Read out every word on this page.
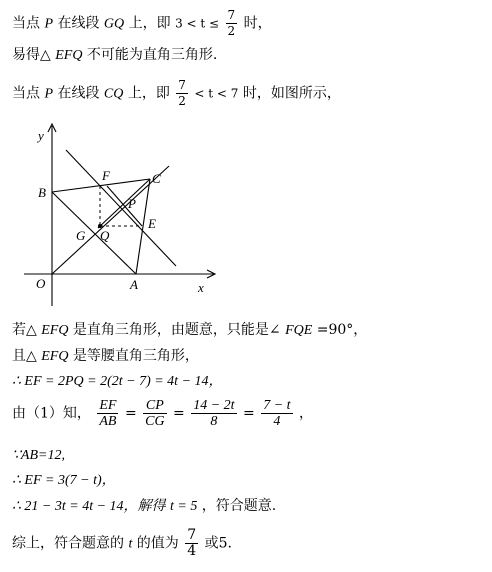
当点 P 在线段 GQ 上，即 $3 < t \le \frac{7}{2}$ 时，
易得△ EFQ 不可能为直角三角形.
当点 P 在线段 CQ 上，即 $\frac{7}{2} < t < 7$ 时，如图所示，
y
x
O	A
B
C
F
P
E
G Q
若△ EFQ 是直角三角形，由题意，只能是∠ FQE =90°，
且△ EFQ 是等腰直角三角形，
∴ EF = 2PQ = 2(2t − 7) = 4t − 14，
由（1）知， $\frac{EF}{AB} = \frac{CP}{CG} = \frac{14 - 2t}{8} = \frac{7 - t}{4}$ ，
∵AB=12,
∴ EF = 3(7 − t)，
∴ 21 − 3t = 4t − 14，解得 t = 5 ，符合题意.
综上，符合题意的 t 的值为 $\frac{7}{4}$ 或5.
